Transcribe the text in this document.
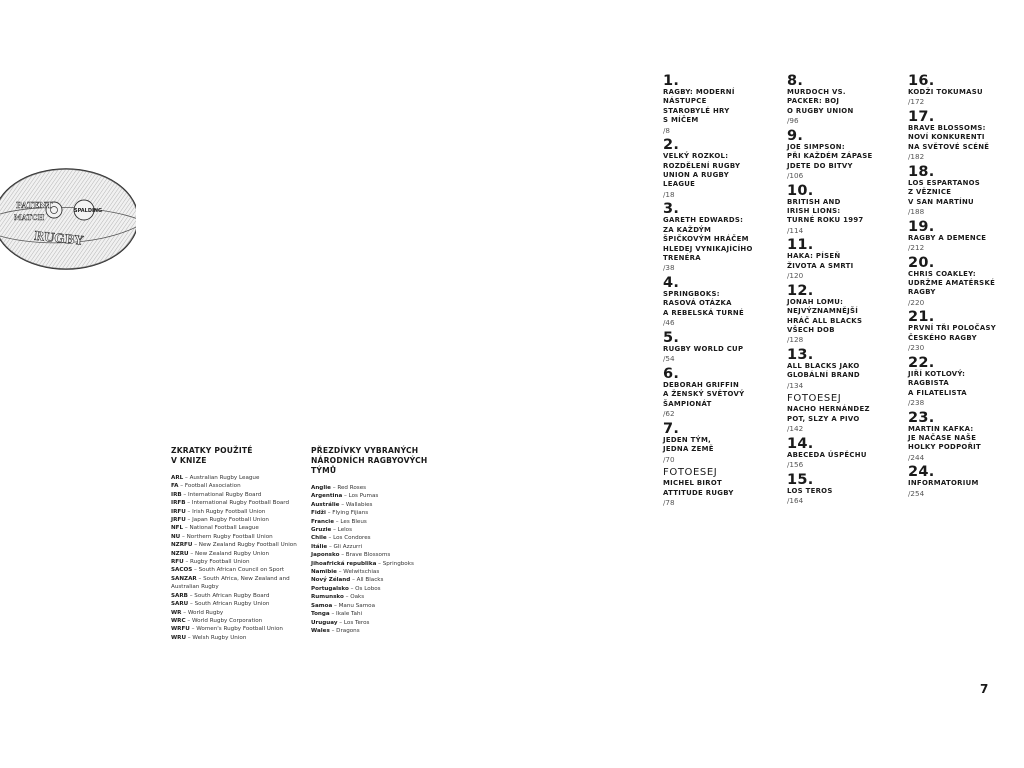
PATENT
MATCH
SPALDING
RUGBY
ZKRATKY POUŽITÉ
V KNIZE
ARL – Australian Rugby League
FA – Football Association
IRB – International Rugby Board
IRFB – International Rugby Football Board
IRFU – Irish Rugby Football Union
JRFU – Japan Rugby Football Union
NFL – National Football League
NU – Northern Rugby Football Union
NZRFU – New Zealand Rugby Football Union
NZRU – New Zealand Rugby Union
RFU – Rugby Football Union
SACOS – South African Council on Sport
SANZAR – South Africa, New Zealand and Australian Rugby
SARB – South African Rugby Board
SARU – South African Rugby Union
WR – World Rugby
WRC – World Rugby Corporation
WRFU – Women's Rugby Football Union
WRU – Welsh Rugby Union
PŘEZDÍVKY VYBRANÝCH
NÁRODNÍCH RAGBYOVÝCH TÝMŮ
Anglie – Red Roses
Argentina – Los Pumas
Austrálie – Wallabies
Fidži – Flying Fijians
Francie – Les Bleus
Gruzie – Lelos
Chile – Los Condores
Itálie – Gli Azzurri
Japonsko – Brave Blossoms
Jihoafrická republika – Springboks
Namibie – Welwitschias
Nový Zéland – All Blacks
Portugalsko – Os Lobos
Rumunsko – Oaks
Samoa – Manu Samoa
Tonga – Ikale Tahi
Uruguay – Los Teros
Wales – Dragons
1.
RAGBY: MODERNÍ
NÁSTUPCE
STAROBYLÉ HRY
S MÍČEM
/8
2.
VELKÝ ROZKOL:
ROZDĚLENÍ RUGBY
UNION A RUGBY
LEAGUE
/18
3.
GARETH EDWARDS:
ZA KAŽDÝM
ŠPIČKOVÝM HRÁČEM
HLEDEJ VYNIKAJÍCÍHO
TRENÉRA
/38
4.
SPRINGBOKS:
RASOVÁ OTÁZKA
A REBELSKÁ TURNÉ
/46
5.
RUGBY WORLD CUP
/54
6.
DEBORAH GRIFFIN
A ŽENSKÝ SVĚTOVÝ
ŠAMPIONÁT
/62
7.
JEDEN TÝM,
JEDNA ZEMĚ
/70
FOTOESEJ
MICHEL BIROT
ATTITUDE RUGBY
/78
8.
MURDOCH VS.
PACKER: BOJ
O RUGBY UNION
/96
9.
JOE SIMPSON:
PŘI KAŽDÉM ZÁPASE
JDETE DO BITVY
/106
10.
BRITISH AND
IRISH LIONS:
TURNÉ ROKU 1997
/114
11.
HAKA: PÍSEŇ
ŽIVOTA A SMRTI
/120
12.
JONAH LOMU:
NEJVÝZNAMNĚJŠÍ
HRÁČ ALL BLACKS
VŠECH DOB
/128
13.
ALL BLACKS JAKO
GLOBÁLNÍ BRAND
/134
FOTOESEJ
NACHO HERNÁNDEZ
POT, SLZY A PIVO
/142
14.
ABECEDA ÚSPĚCHU
/156
15.
LOS TEROS
/164
16.
KODŽI TOKUMASU
/172
17.
BRAVE BLOSSOMS:
NOVÍ KONKURENTI
NA SVĚTOVÉ SCÉNĚ
/182
18.
LOS ESPARTANOS
Z VĚZNICE
V SAN MARTÍNU
/188
19.
RAGBY A DEMENCE
/212
20.
CHRIS COAKLEY:
UDRŽME AMATÉRSKÉ
RAGBY
/220
21.
PRVNÍ TŘI POLOČASY
ČESKÉHO RAGBY
/230
22.
JIŘÍ KOTLOVÝ:
RAGBISTA
A FILATELISTA
/238
23.
MARTIN KAFKA:
JE NAČASE NAŠE
HOLKY PODPOŘIT
/244
24.
INFORMATORIUM
/254
7
